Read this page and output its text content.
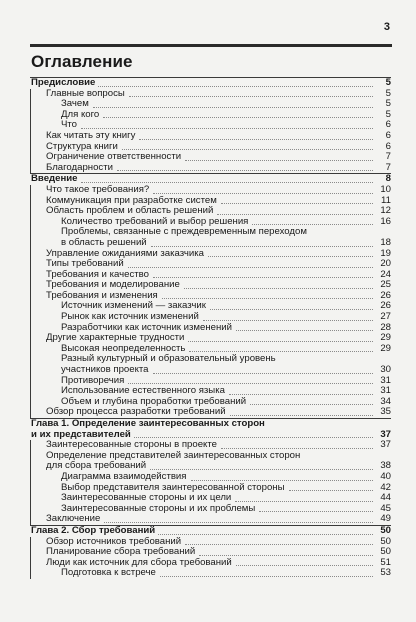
3
Оглавление
Предисловие	5
Главные вопросы	5
Зачем	5
Для кого	5
Что	6
Как читать эту книгу	6
Структура книги	6
Ограничение ответственности	7
Благодарности	7
Введение	8
Что такое требования?	10
Коммуникация при разработке систем	11
Область проблем и область решений	12
Количество требований и выбор решения	16
Проблемы, связанные с преждевременным переходом
в область решений	18
Управление ожиданиями заказчика	19
Типы требований	20
Требования и качество	24
Требования и моделирование	25
Требования и изменения	26
Источник изменений — заказчик	26
Рынок как источник изменений	27
Разработчики как источник изменений	28
Другие характерные трудности	29
Высокая неопределенность	29
Разный культурный и образовательный уровень
участников проекта	30
Противоречия	31
Использование естественного языка	31
Объем и глубина проработки требований	34
Обзор процесса разработки требований	35
Глава 1. Определение заинтересованных сторон
и их представителей	37
Заинтересованные стороны в проекте	37
Определение представителей заинтересованных сторон
для сбора требований	38
Диаграмма взаимодействия	40
Выбор представителя заинтересованной стороны	42
Заинтересованные стороны и их цели	44
Заинтересованные стороны и их проблемы	45
Заключение	49
Глава 2. Сбор требований	50
Обзор источников требований	50
Планирование сбора требований	50
Люди как источник для сбора требований	51
Подготовка к встрече	53
